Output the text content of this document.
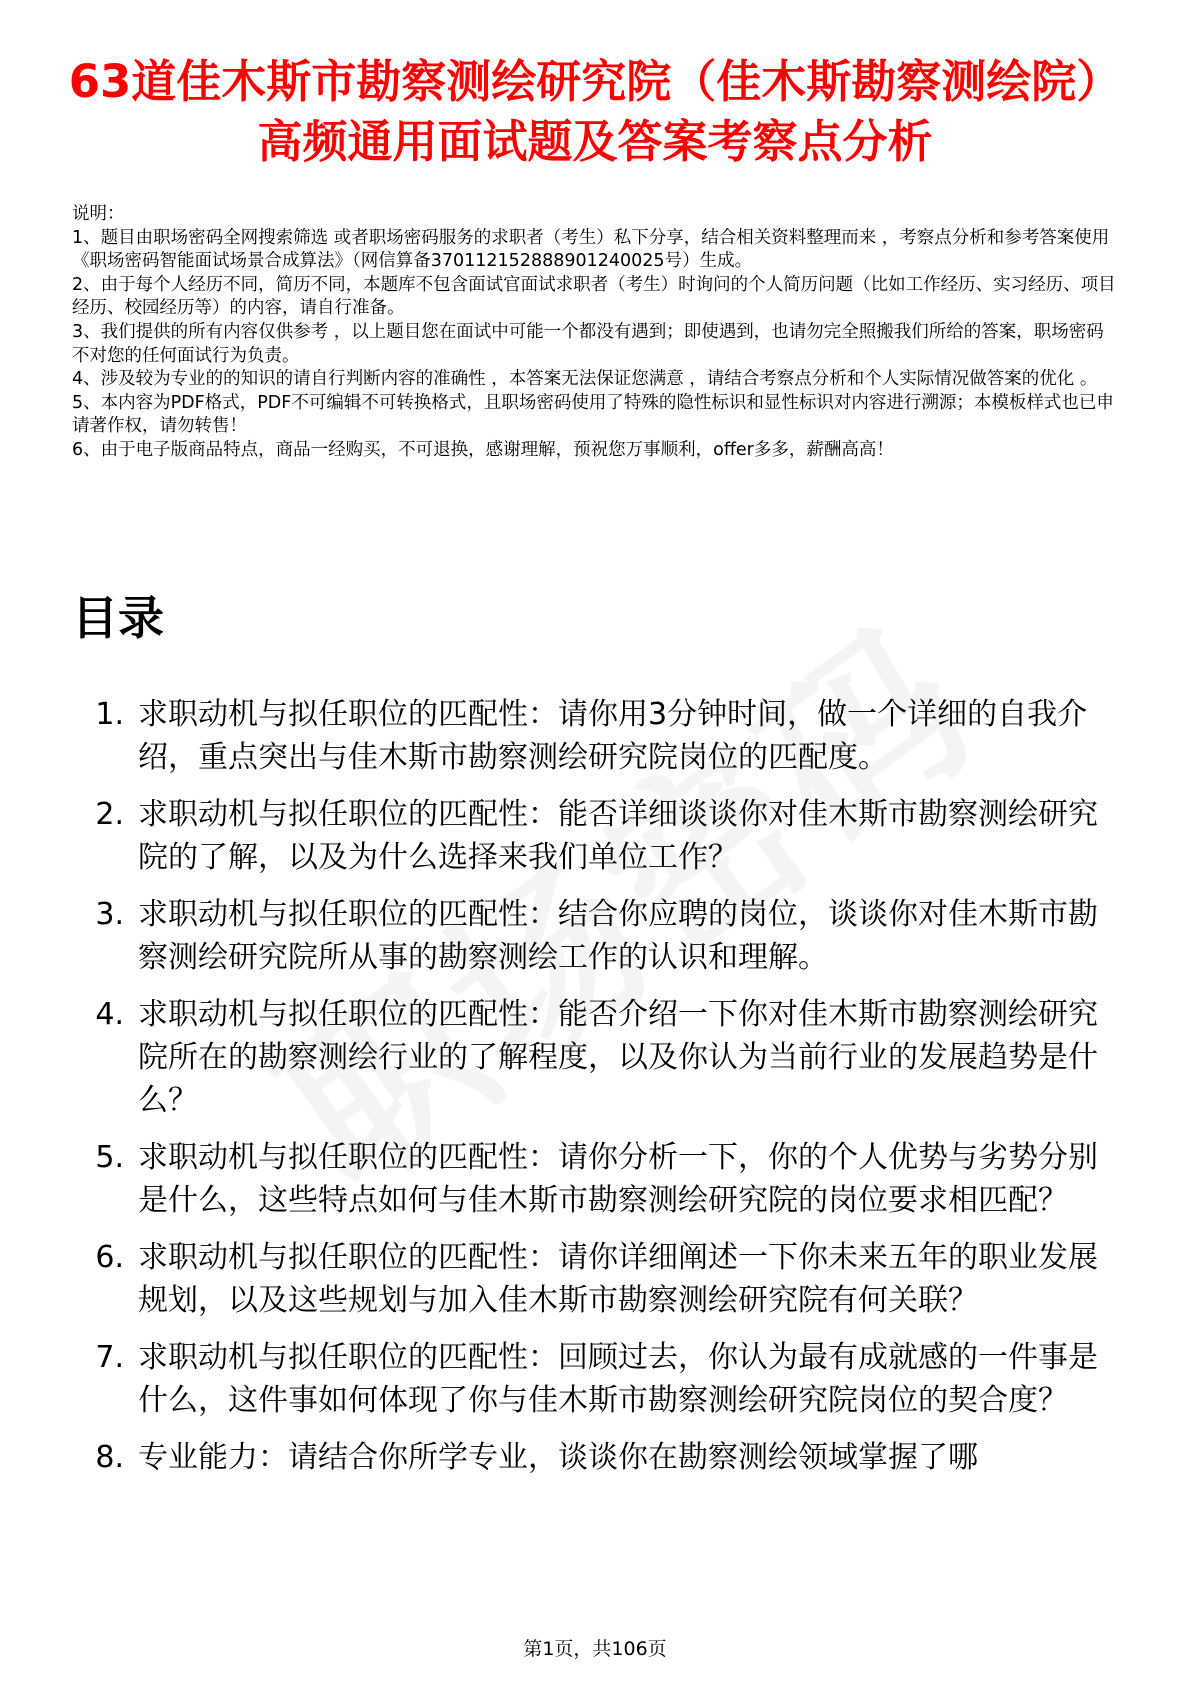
63道佳木斯市勘察测绘研究院（佳木斯勘察测绘院）高频通用面试题及答案考察点分析

说明：

1、题目由职场密码全网搜索筛选 或者职场密码服务的求职者（考生）私下分享，结合相关资料整理而来 ，考察点分析和参考答案使用《职场密码智能面试场景合成算法》（网信算备370112152888901240025号）生成。

2、由于每个人经历不同，简历不同，本题库不包含面试官面试求职者（考生）时询问的个人简历问题（比如工作经历、实习经历、项目经历、校园经历等）的内容，请自行准备。

3、我们提供的所有内容仅供参考 ，以上题目您在面试中可能一个都没有遇到；即使遇到，也请勿完全照搬我们所给的答案，职场密码不对您的任何面试行为负责。

4、涉及较为专业的的知识的请自行判断内容的准确性 ，本答案无法保证您满意 ，请结合考察点分析和个人实际情况做答案的优化 。

5、本内容为PDF格式，PDF不可编辑不可转换格式，且职场密码使用了特殊的隐性标识和显性标识对内容进行溯源；本模板样式也已申请著作权，请勿转售！

6、由于电子版商品特点，商品一经购买，不可退换，感谢理解，预祝您万事顺利，offer多多，薪酬高高！

目录
1. 求职动机与拟任职位的匹配性：请你用3分钟时间，做一个详细的自我介绍，重点突出与佳木斯市勘察测绘研究院岗位的匹配度。
2. 求职动机与拟任职位的匹配性：能否详细谈谈你对佳木斯市勘察测绘研究院的了解，以及为什么选择来我们单位工作？
3. 求职动机与拟任职位的匹配性：结合你应聘的岗位，谈谈你对佳木斯市勘察测绘研究院所从事的勘察测绘工作的认识和理解。
4. 求职动机与拟任职位的匹配性：能否介绍一下你对佳木斯市勘察测绘研究院所在的勘察测绘行业的了解程度，以及你认为当前行业的发展趋势是什么？
5. 求职动机与拟任职位的匹配性：请你分析一下，你的个人优势与劣势分别是什么，这些特点如何与佳木斯市勘察测绘研究院的岗位要求相匹配？
6. 求职动机与拟任职位的匹配性：请你详细阐述一下你未来五年的职业发展规划，以及这些规划与加入佳木斯市勘察测绘研究院有何关联？
7. 求职动机与拟任职位的匹配性：回顾过去，你认为最有成就感的一件事是什么，这件事如何体现了你与佳木斯市勘察测绘研究院岗位的契合度？
8. 专业能力：请结合你所学专业，谈谈你在勘察测绘领域掌握了哪
第1页，共106页
